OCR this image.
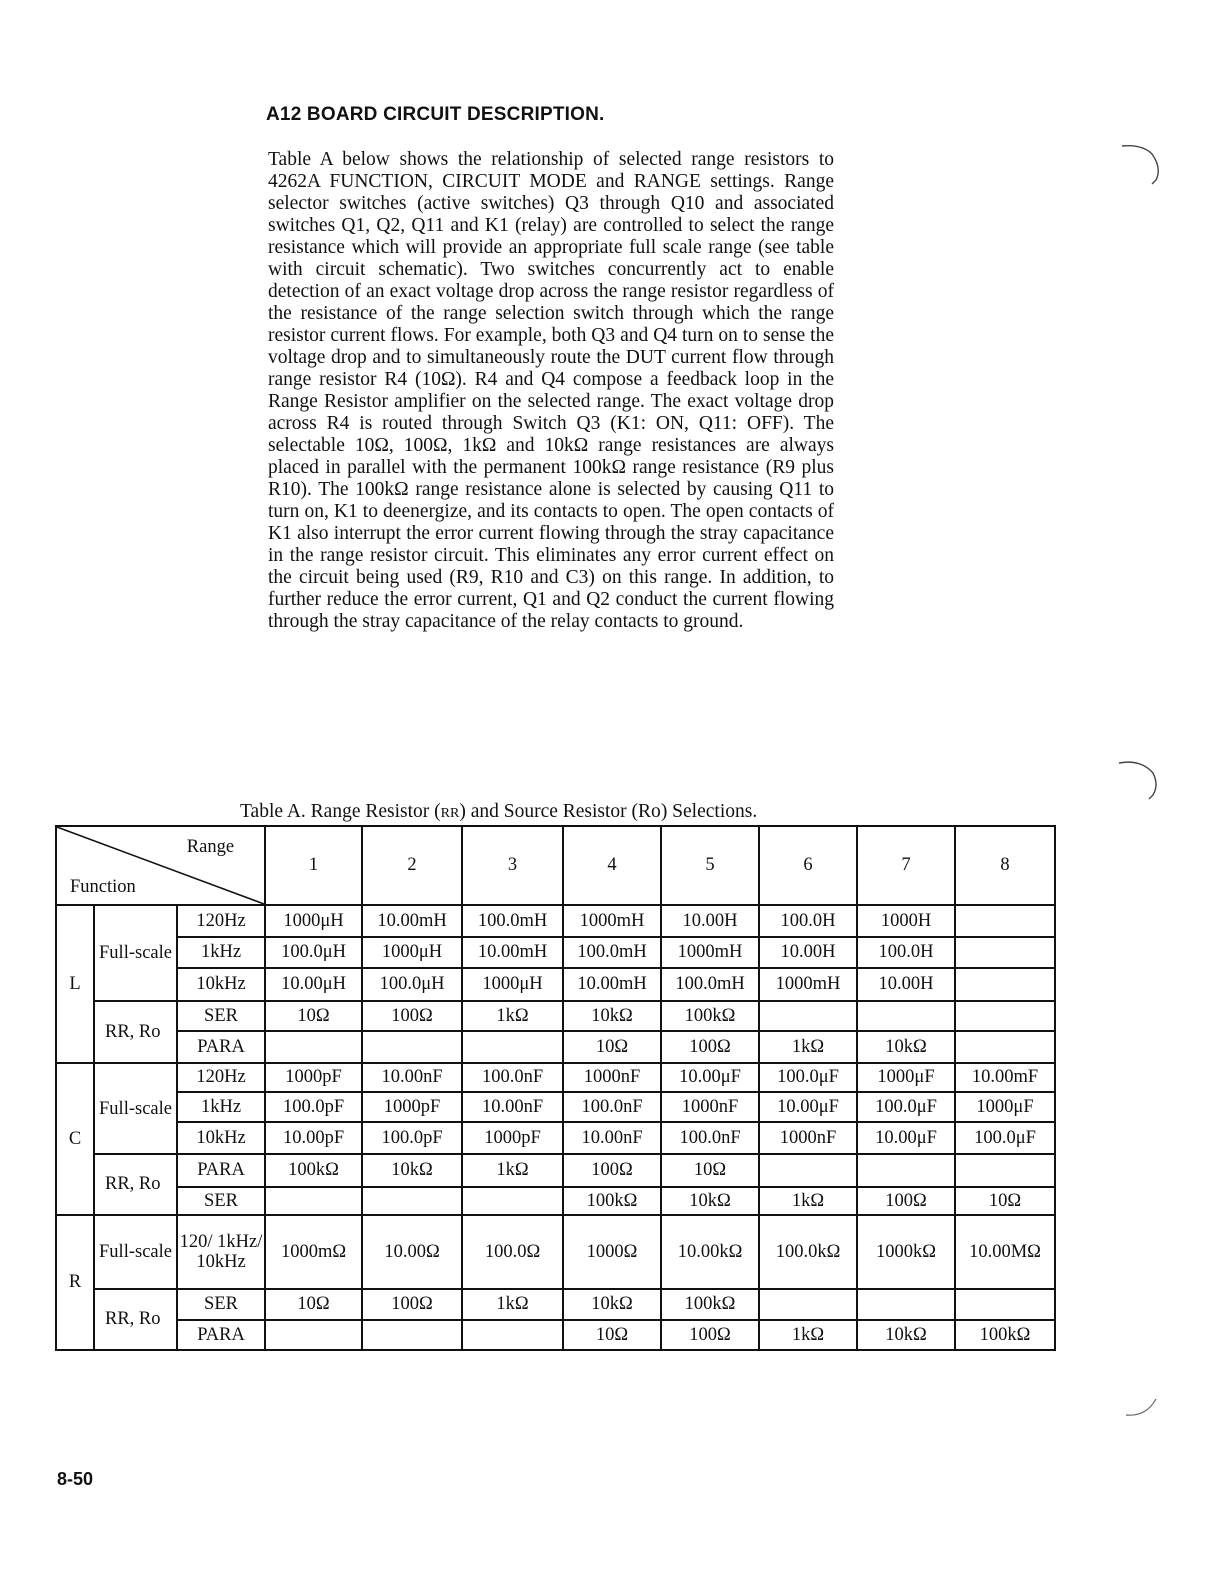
A12 BOARD CIRCUIT DESCRIPTION.

Table A below shows the relationship of selected range resistors to 4262A FUNCTION, CIRCUIT MODE and RANGE settings. Range selector switches (active switches) Q3 through Q10 and associated switches Q1, Q2, Q11 and K1 (relay) are controlled to select the range resistance which will provide an appropriate full scale range (see table with circuit schematic). Two switches concurrently act to enable detection of an exact voltage drop across the range resistor regardless of the resistance of the range selection switch through which the range resistor current flows. For example, both Q3 and Q4 turn on to sense the voltage drop and to simultaneously route the DUT current flow through range resistor R4 (10Ω). R4 and Q4 compose a feedback loop in the Range Resistor amplifier on the selected range. The exact voltage drop across R4 is routed through Switch Q3 (K1: ON, Q11: OFF). The selectable 10Ω, 100Ω, 1kΩ and 10kΩ range resistances are always placed in parallel with the permanent 100kΩ range resistance (R9 plus R10). The 100kΩ range resistance alone is selected by causing Q11 to turn on, K1 to deenergize, and its contacts to open. The open contacts of K1 also interrupt the error current flowing through the stray capacitance in the range resistor circuit. This eliminates any error current effect on the circuit being used (R9, R10 and C3) on this range. In addition, to further reduce the error current, Q1 and Q2 conduct the current flowing through the stray capacitance of the relay contacts to ground.

Table A. Range Resistor (RR) and Source Resistor (Ro) Selections.
Range
Function			1	2	3	4	5	6	7	8
L	Full-scale	120Hz	1000μH	10.00mH	100.0mH	1000mH	10.00H	100.0H	1000H	
		1kHz	100.0μH	1000μH	10.00mH	100.0mH	1000mH	10.00H	100.0H	
		10kHz	10.00μH	100.0μH	1000μH	10.00mH	100.0mH	1000mH	10.00H	
	RR, Ro	SER	10Ω	100Ω	1kΩ	10kΩ	100kΩ			
		PARA				10Ω	100Ω	1kΩ	10kΩ	
C	Full-scale	120Hz	1000pF	10.00nF	100.0nF	1000nF	10.00μF	100.0μF	1000μF	10.00mF
		1kHz	100.0pF	1000pF	10.00nF	100.0nF	1000nF	10.00μF	100.0μF	1000μF
		10kHz	10.00pF	100.0pF	1000pF	10.00nF	100.0nF	1000nF	10.00μF	100.0μF
	RR, Ro	PARA	100kΩ	10kΩ	1kΩ	100Ω	10Ω			
		SER				100kΩ	10kΩ	1kΩ	100Ω	10Ω
R	Full-scale	120/ 1kHz/ 10kHz	1000mΩ	10.00Ω	100.0Ω	1000Ω	10.00kΩ	100.0kΩ	1000kΩ	10.00MΩ
	RR, Ro	SER	10Ω	100Ω	1kΩ	10kΩ	100kΩ			
		PARA				10Ω	100Ω	1kΩ	10kΩ	100kΩ
8-50
